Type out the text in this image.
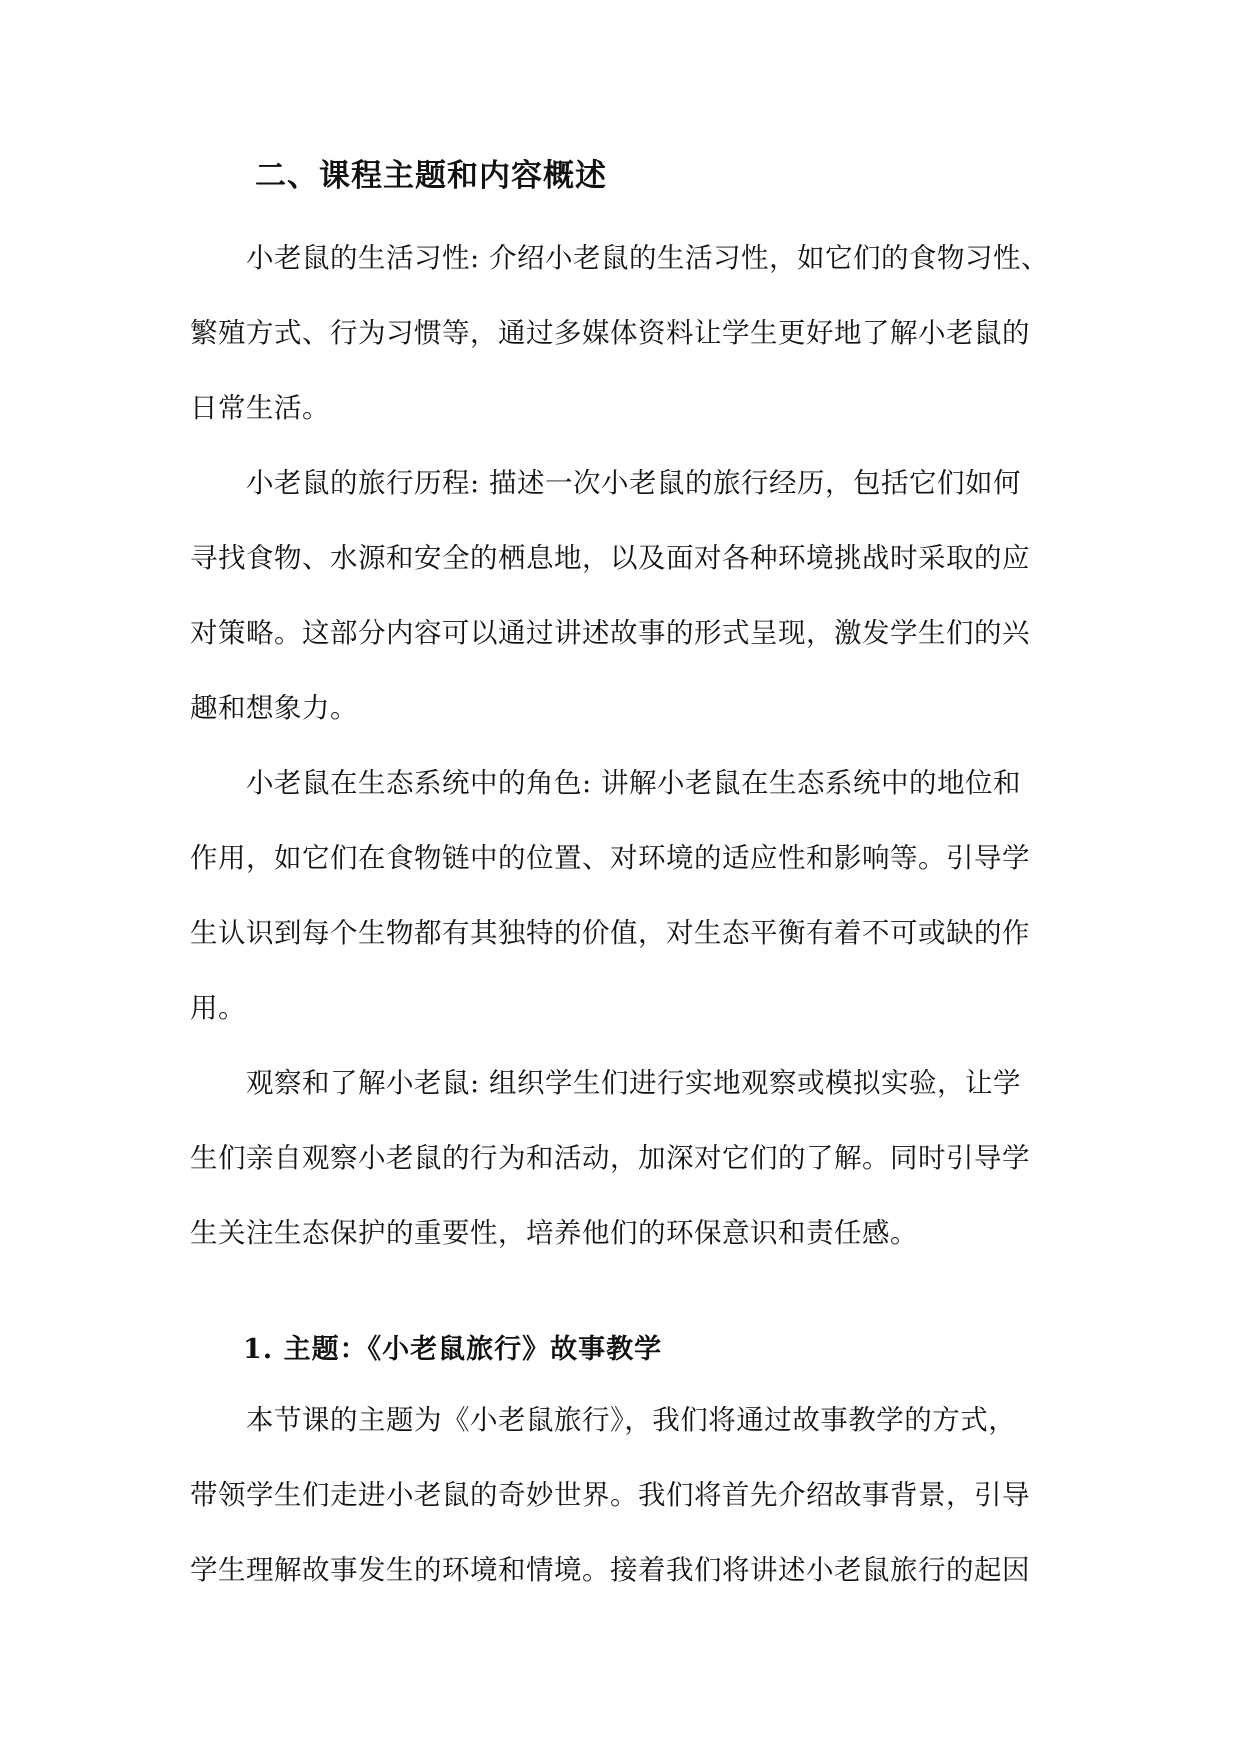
二、课程主题和内容概述
小老鼠的生活习性: 介绍小老鼠的生活习性，如它们的食物习性、
繁殖方式、行为习惯等，通过多媒体资料让学生更好地了解小老鼠的
日常生活。
小老鼠的旅行历程: 描述一次小老鼠的旅行经历，包括它们如何
寻找食物、水源和安全的栖息地，以及面对各种环境挑战时采取的应
对策略。这部分内容可以通过讲述故事的形式呈现，激发学生们的兴
趣和想象力。
小老鼠在生态系统中的角色: 讲解小老鼠在生态系统中的地位和
作用，如它们在食物链中的位置、对环境的适应性和影响等。引导学
生认识到每个生物都有其独特的价值，对生态平衡有着不可或缺的作
用。
观察和了解小老鼠: 组织学生们进行实地观察或模拟实验，让学
生们亲自观察小老鼠的行为和活动，加深对它们的了解。同时引导学
生关注生态保护的重要性，培养他们的环保意识和责任感。
1. 主题：《小老鼠旅行》故事教学
本节课的主题为《小老鼠旅行》，我们将通过故事教学的方式，
带领学生们走进小老鼠的奇妙世界。我们将首先介绍故事背景，引导
学生理解故事发生的环境和情境。接着我们将讲述小老鼠旅行的起因
